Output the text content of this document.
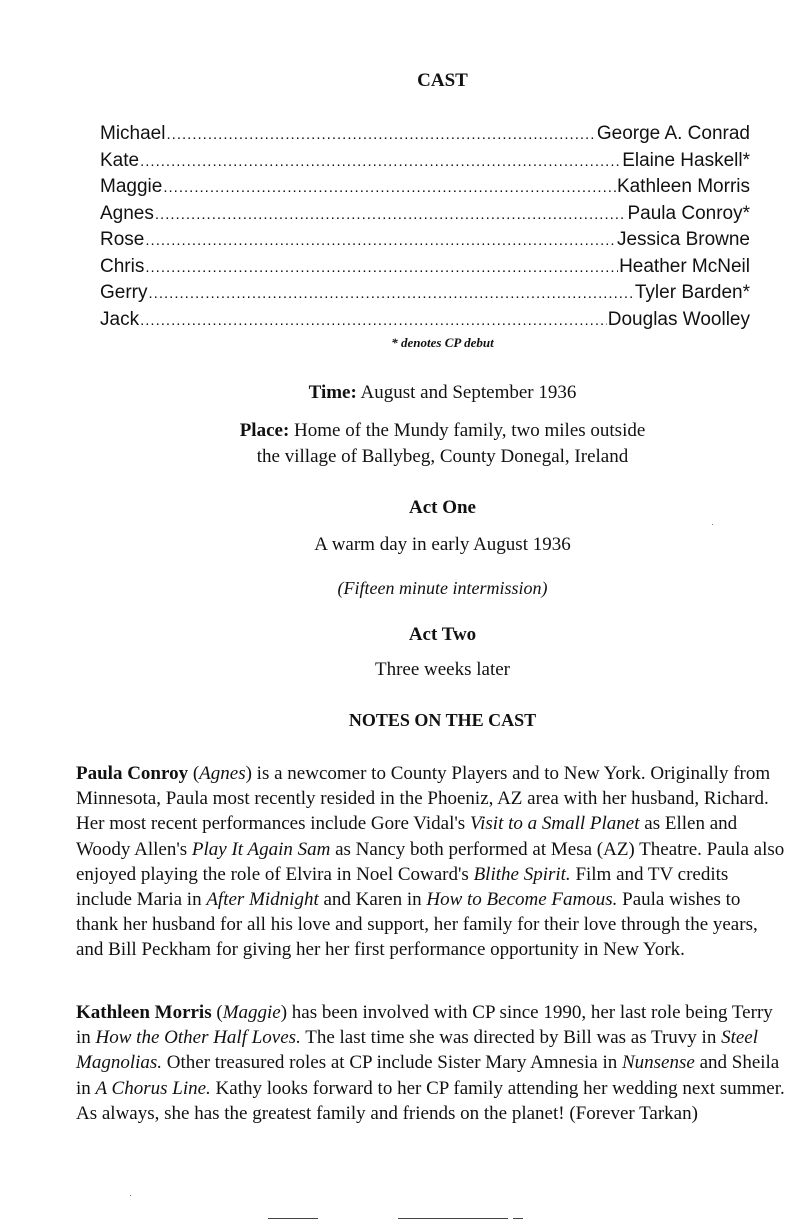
CAST
Michael .....	George A. Conrad
Kate .....	Elaine Haskell*
Maggie .....	Kathleen Morris
Agnes .....	Paula Conroy*
Rose .....	Jessica Browne
Chris .....	Heather McNeil
Gerry .....	Tyler Barden*
Jack .....	Douglas Woolley
* denotes CP debut
Time: August and September 1936
Place: Home of the Mundy family, two miles outside
the village of Ballybeg, County Donegal, Ireland
Act One
A warm day in early August 1936
(Fifteen minute intermission)
Act Two
Three weeks later
NOTES ON THE CAST

Paula Conroy (Agnes) is a newcomer to County Players and to New York. Originally from Minnesota, Paula most recently resided in the Phoeniz, AZ area with her husband, Richard. Her most recent performances include Gore Vidal's Visit to a Small Planet as Ellen and Woody Allen's Play It Again Sam as Nancy both performed at Mesa (AZ) Theatre. Paula also enjoyed playing the role of Elvira in Noel Coward's Blithe Spirit. Film and TV credits include Maria in After Midnight and Karen in How to Become Famous. Paula wishes to thank her husband for all his love and support, her family for their love through the years, and Bill Peckham for giving her her first performance opportunity in New York.

Kathleen Morris (Maggie) has been involved with CP since 1990, her last role being Terry in How the Other Half Loves. The last time she was directed by Bill was as Truvy in Steel Magnolias. Other treasured roles at CP include Sister Mary Amnesia in Nunsense and Sheila in A Chorus Line. Kathy looks forward to her CP family attending her wedding next summer. As always, she has the greatest family and friends on the planet! (Forever Tarkan)
